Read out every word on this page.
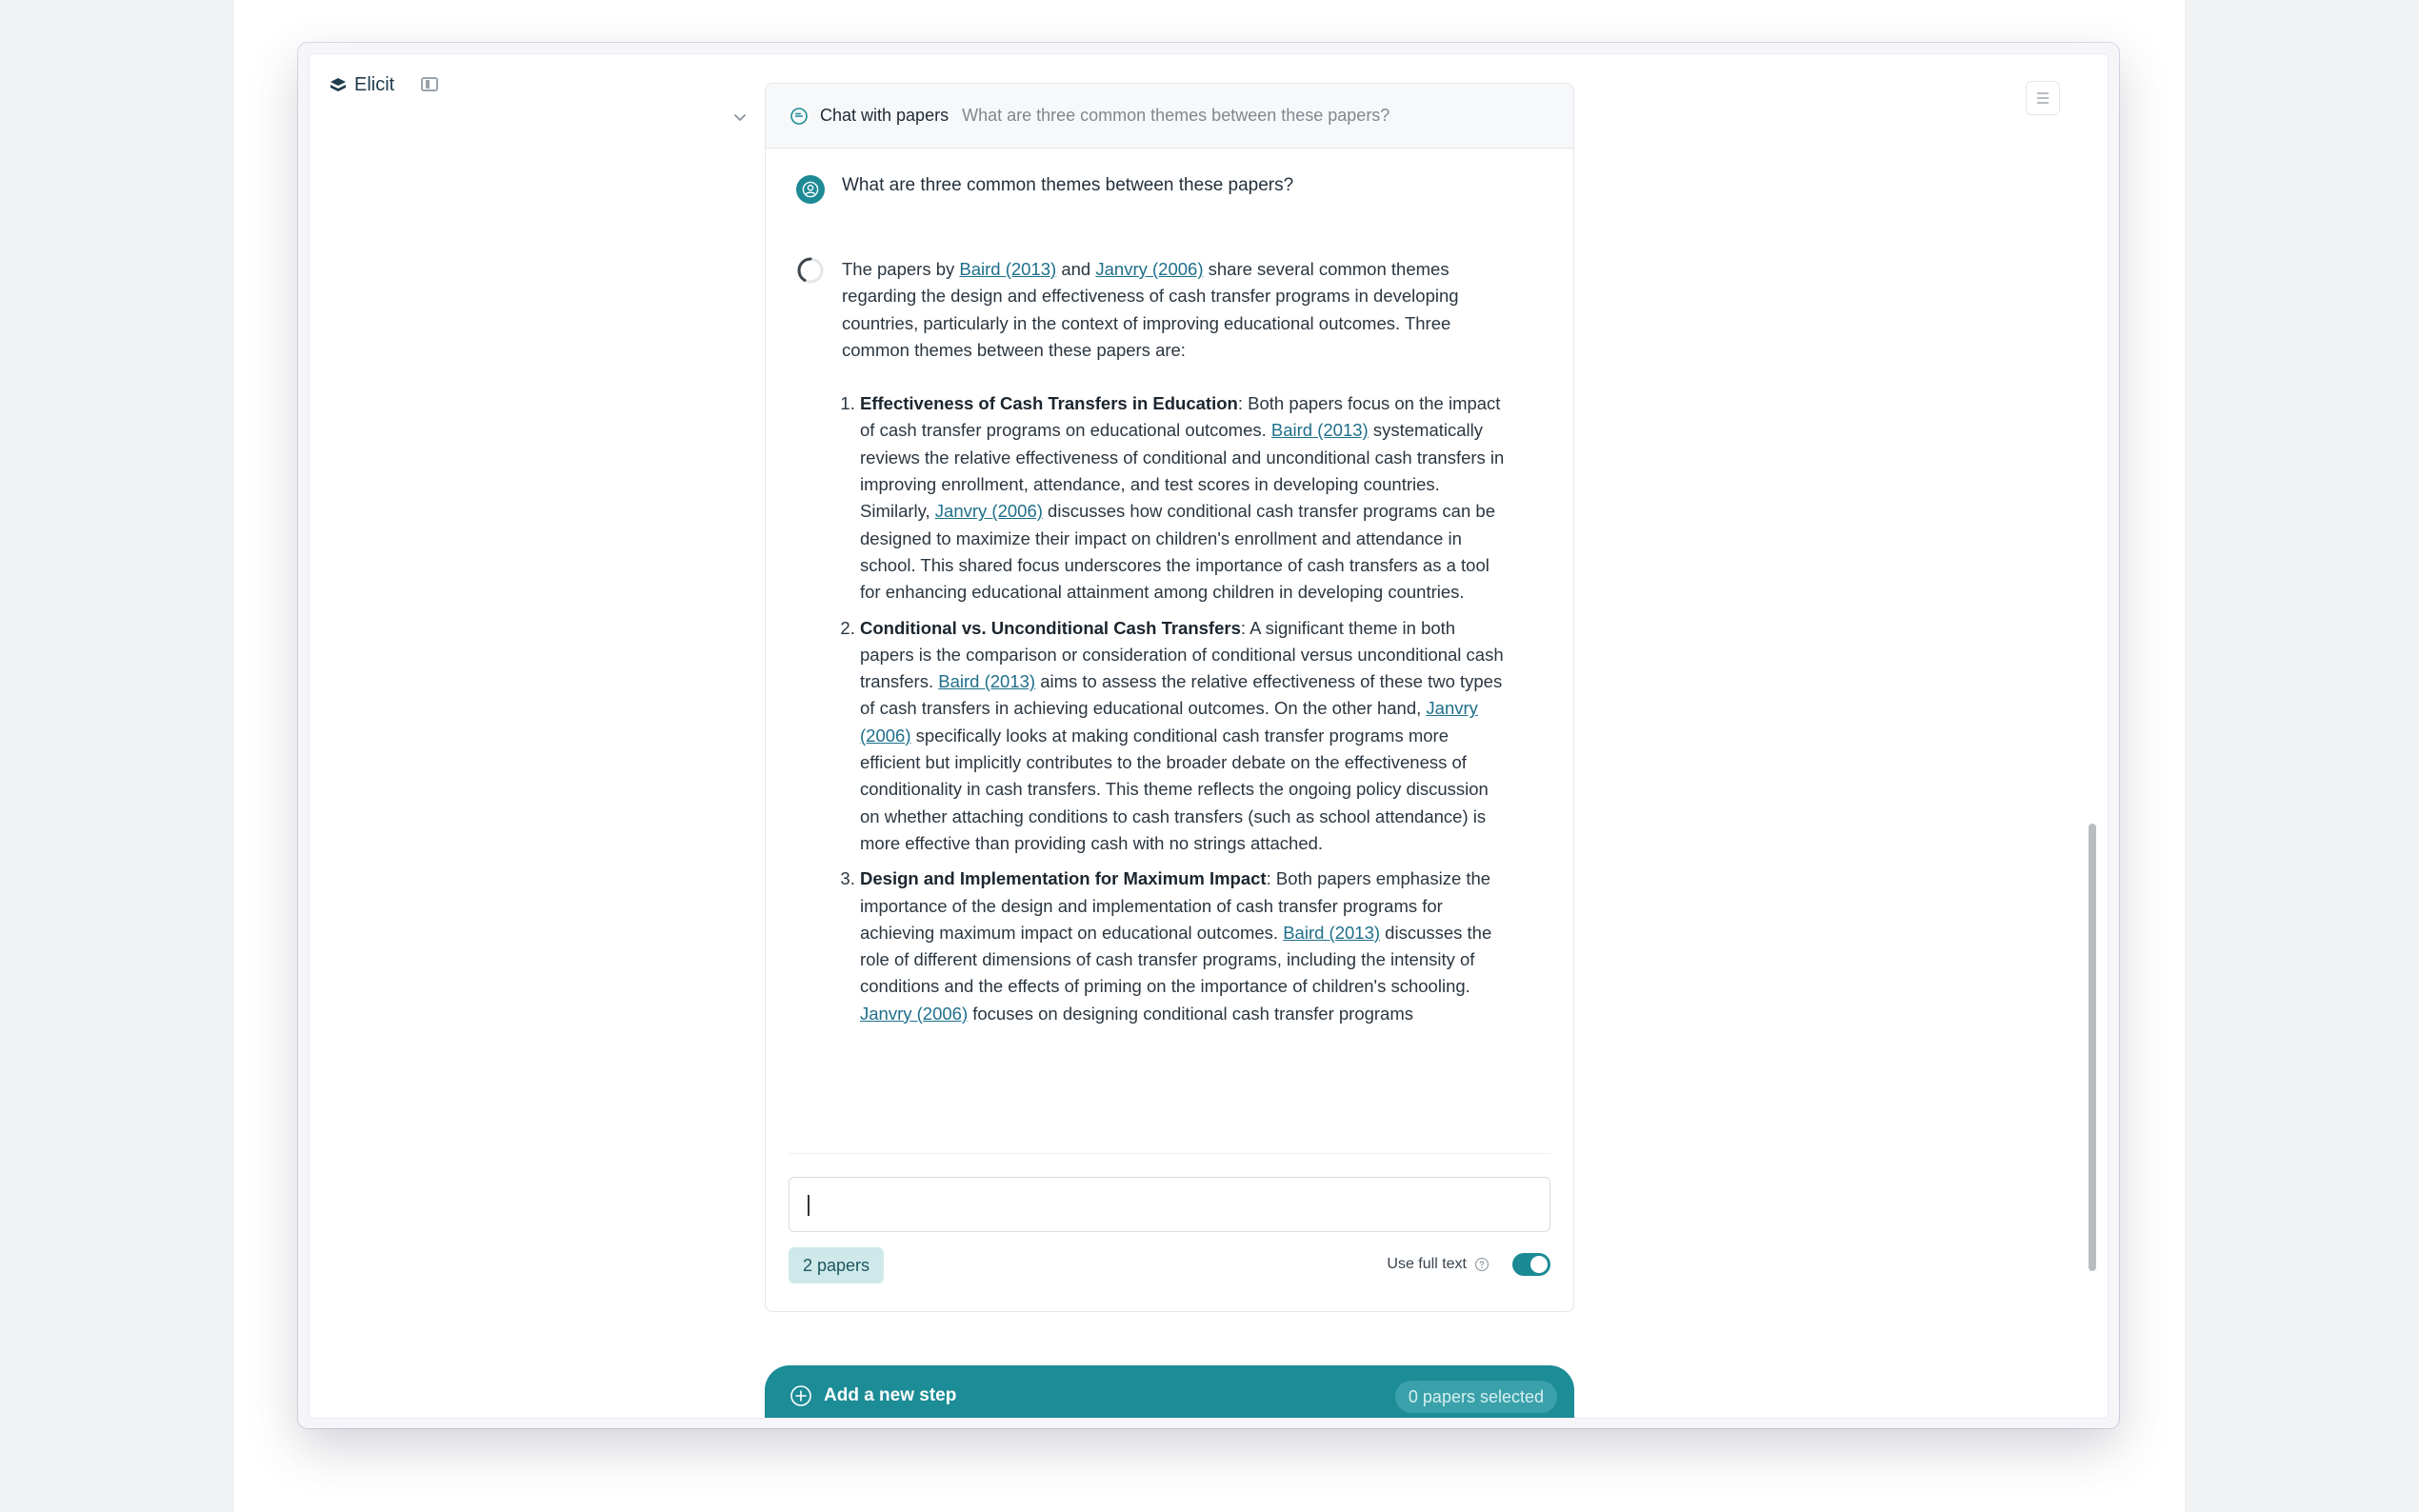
Elicit
Chat with papers What are three common themes between these papers?
What are three common themes between these papers?

The papers by Baird (2013) and Janvry (2006) share several common themes regarding the design and effectiveness of cash transfer programs in developing countries, particularly in the context of improving educational outcomes. Three common themes between these papers are:

1. Effectiveness of Cash Transfers in Education: Both papers focus on the impact of cash transfer programs on educational outcomes. Baird (2013) systematically reviews the relative effectiveness of conditional and unconditional cash transfers in improving enrollment, attendance, and test scores in developing countries. Similarly, Janvry (2006) discusses how conditional cash transfer programs can be designed to maximize their impact on children's enrollment and attendance in school. This shared focus underscores the importance of cash transfers as a tool for enhancing educational attainment among children in developing countries.
2. Conditional vs. Unconditional Cash Transfers: A significant theme in both papers is the comparison or consideration of conditional versus unconditional cash transfers. Baird (2013) aims to assess the relative effectiveness of these two types of cash transfers in achieving educational outcomes. On the other hand, Janvry (2006) specifically looks at making conditional cash transfer programs more efficient but implicitly contributes to the broader debate on the effectiveness of conditionality in cash transfers. This theme reflects the ongoing policy discussion on whether attaching conditions to cash transfers (such as school attendance) is more effective than providing cash with no strings attached.
3. Design and Implementation for Maximum Impact: Both papers emphasize the importance of the design and implementation of cash transfer programs for achieving maximum impact on educational outcomes. Baird (2013) discusses the role of different dimensions of cash transfer programs, including the intensity of conditions and the effects of priming on the importance of children's schooling. Janvry (2006) focuses on designing conditional cash transfer programs
2 papers	Use full text
Add a new step	0 papers selected
